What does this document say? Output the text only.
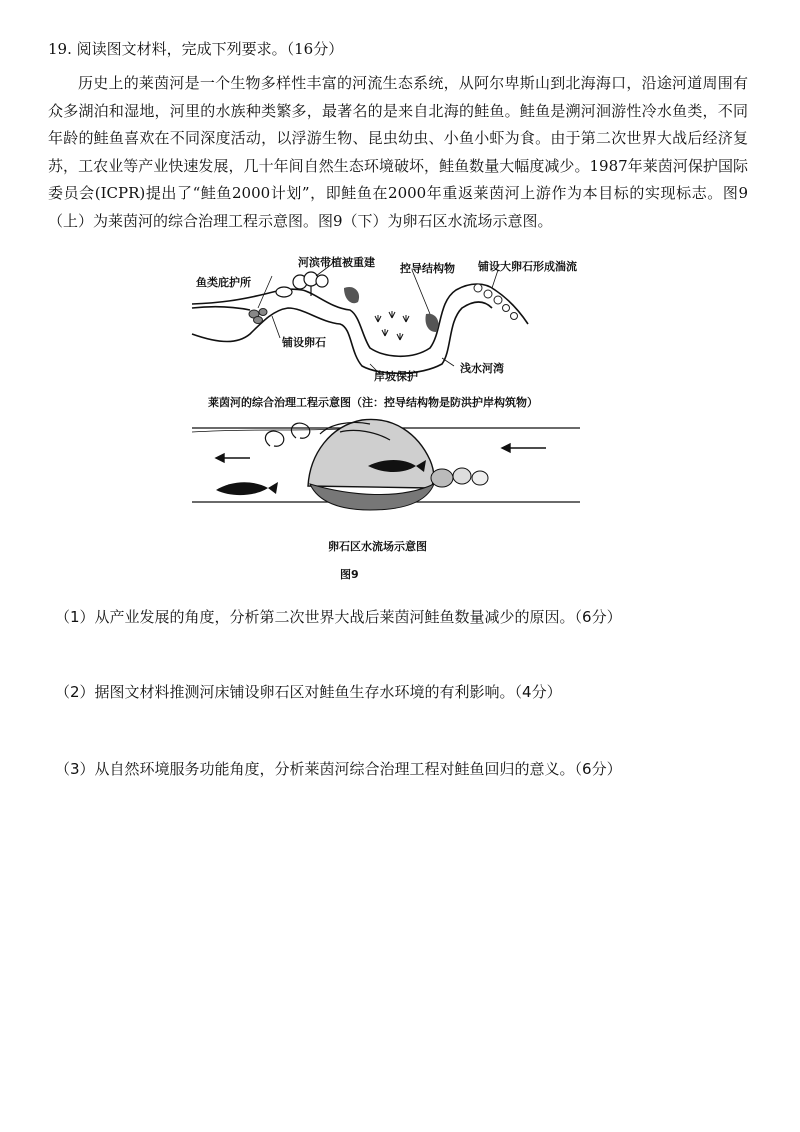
19. 阅读图文材料，完成下列要求。（16分）
历史上的莱茵河是一个生物多样性丰富的河流生态系统，从阿尔卑斯山到北海海口，沿途河道周围有众多湖泊和湿地，河里的水族种类繁多，最著名的是来自北海的鲑鱼。鲑鱼是溯河洄游性冷水鱼类，不同年龄的鲑鱼喜欢在不同深度活动，以浮游生物、昆虫幼虫、小鱼小虾为食。由于第二次世界大战后经济复苏，工农业等产业快速发展，几十年间自然生态环境破坏，鲑鱼数量大幅度减少。1987年莱茵河保护国际委员会(ICPR)提出了“鲑鱼2000计划”，即鲑鱼在2000年重返莱茵河上游作为本目标的实现标志。图9（上）为莱茵河的综合治理工程示意图。图9（下）为卵石区水流场示意图。
河滨带植被重建
鱼类庇护所
控导结构物 铺设大卵石形成湍流
铺设卵石
岸坡保护
浅水河湾
莱茵河的综合治理工程示意图（注：控导结构物是防洪护岸构筑物）
卵石区水流场示意图
图9
（1）从产业发展的角度，分析第二次世界大战后莱茵河鲑鱼数量减少的原因。（6分）
（2）据图文材料推测河床铺设卵石区对鲑鱼生存水环境的有利影响。（4分）
（3）从自然环境服务功能角度，分析莱茵河综合治理工程对鲑鱼回归的意义。（6分）
